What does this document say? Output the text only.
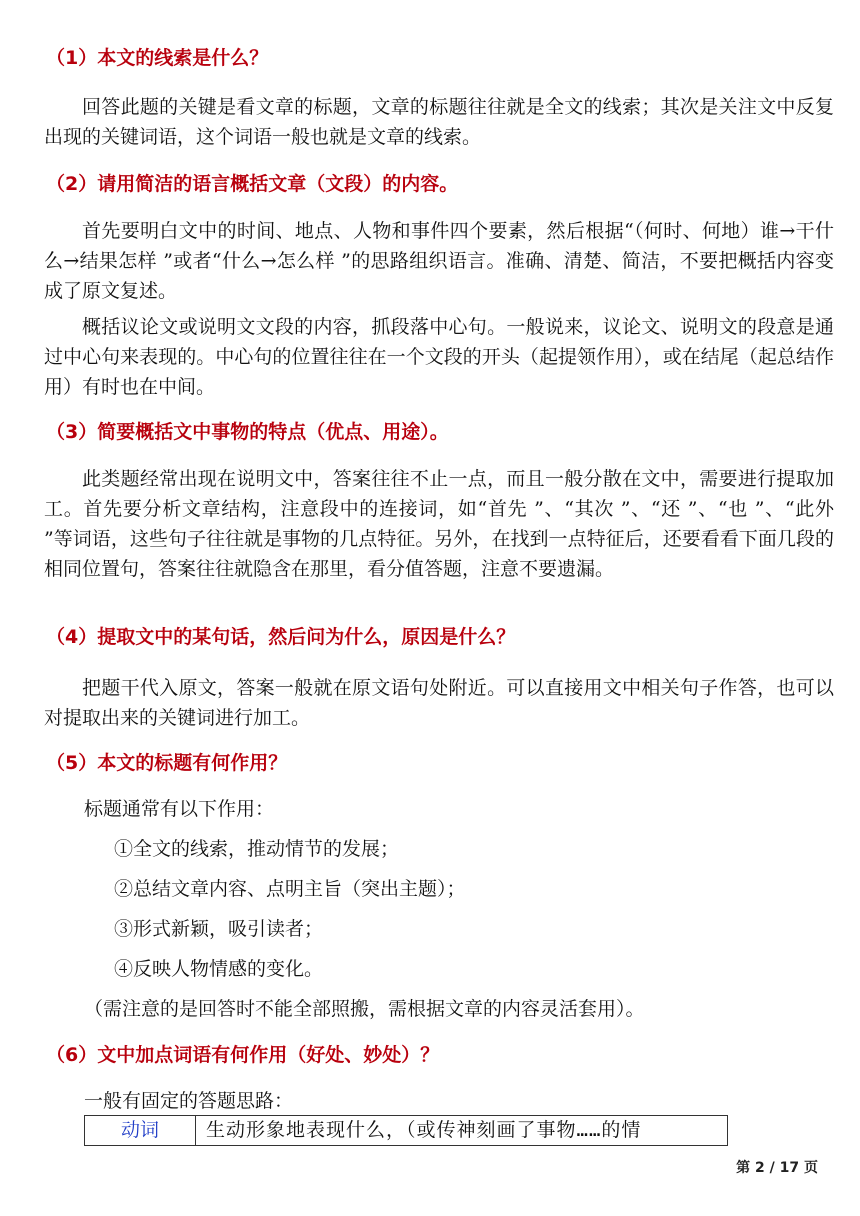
（1）本文的线索是什么？
回答此题的关键是看文章的标题，文章的标题往往就是全文的线索；其次是关注文中反复出现的关键词语，这个词语一般也就是文章的线索。
（2）请用简洁的语言概括文章（文段）的内容。
首先要明白文中的时间、地点、人物和事件四个要素，然后根据“（何时、何地）谁→干什么→结果怎样 ”或者“什么→怎么样 ”的思路组织语言。准确、清楚、简洁，不要把概括内容变成了原文复述。
概括议论文或说明文文段的内容，抓段落中心句。一般说来，议论文、说明文的段意是通过中心句来表现的。中心句的位置往往在一个文段的开头（起提领作用），或在结尾（起总结作用）有时也在中间。
（3）简要概括文中事物的特点（优点、用途）。
此类题经常出现在说明文中，答案往往不止一点，而且一般分散在文中，需要进行提取加工。首先要分析文章结构，注意段中的连接词，如“首先 ”、“其次 ”、“还 ”、“也 ”、“此外 ”等词语，这些句子往往就是事物的几点特征。另外，在找到一点特征后，还要看看下面几段的相同位置句，答案往往就隐含在那里，看分值答题，注意不要遗漏。
（4）提取文中的某句话，然后问为什么，原因是什么？
把题干代入原文，答案一般就在原文语句处附近。可以直接用文中相关句子作答，也可以对提取出来的关键词进行加工。
（5）本文的标题有何作用？
标题通常有以下作用：
①全文的线索，推动情节的发展；
②总结文章内容、点明主旨（突出主题）；
③形式新颖，吸引读者；
④反映人物情感的变化。
（需注意的是回答时不能全部照搬，需根据文章的内容灵活套用）。
（6）文中加点词语有何作用（好处、妙处）？
一般有固定的答题思路：
动词	生动形象地表现什么，（或传神刻画了事物……的情
第 2 / 17 页
